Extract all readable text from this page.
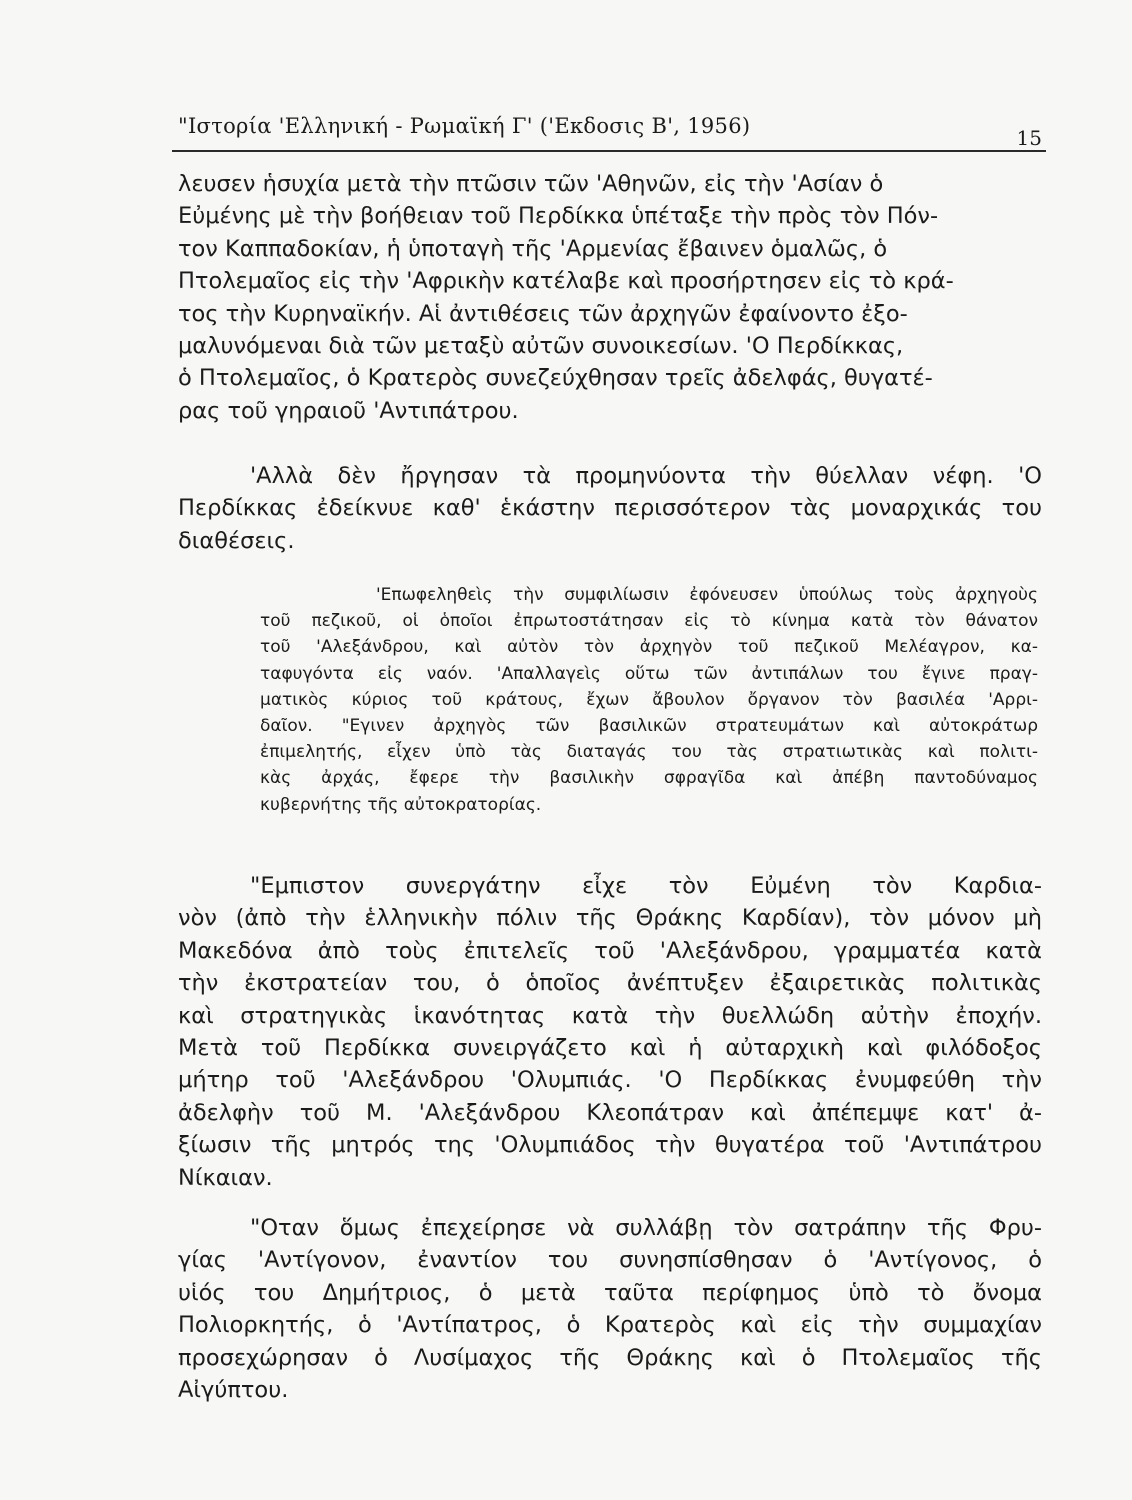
"Ιστορία 'Ελληνική - Ρωμαϊκή Γ' ('Εκδοσις Β', 1956)	15
λευσεν ἡσυχία μετὰ τὴν πτῶσιν τῶν 'Αθηνῶν, εἰς τὴν 'Ασίαν ὁ
Εὐμένης μὲ τὴν βοήθειαν τοῦ Περδίκκα ὑπέταξε τὴν πρὸς τὸν Πόν-
τον Καππαδοκίαν, ἡ ὑποταγὴ τῆς 'Αρμενίας ἔβαινεν ὁμαλῶς, ὁ
Πτολεμαῖος εἰς τὴν 'Αφρικὴν κατέλαβε καὶ προσήρτησεν εἰς τὸ κρά-
τος τὴν Κυρηναϊκήν. Αἱ ἀντιθέσεις τῶν ἀρχηγῶν ἐφαίνοντο ἐξο-
μαλυνόμεναι διὰ τῶν μεταξὺ αὐτῶν συνοικεσίων. 'Ο Περδίκκας,
ὁ Πτολεμαῖος, ὁ Κρατερὸς συνεζεύχθησαν τρεῖς ἀδελφάς, θυγατέ-
ρας τοῦ γηραιοῦ 'Αντιπάτρου.
'Αλλὰ δὲν ἤργησαν τὰ προμηνύοντα τὴν θύελλαν νέφη. 'Ο
Περδίκκας ἐδείκνυε καθ' ἑκάστην περισσότερον τὰς μοναρχικάς του
διαθέσεις.
'Επωφεληθεὶς τὴν συμφιλίωσιν ἐφόνευσεν ὑπούλως τοὺς ἀρχηγοὺς
τοῦ πεζικοῦ, οἱ ὁποῖοι ἐπρωτοστάτησαν εἰς τὸ κίνημα κατὰ τὸν θάνατον
τοῦ 'Αλεξάνδρου, καὶ αὐτὸν τὸν ἀρχηγὸν τοῦ πεζικοῦ Μελέαγρον, κα-
ταφυγόντα εἰς ναόν. 'Απαλλαγεὶς οὕτω τῶν ἀντιπάλων του ἔγινε πραγ-
ματικὸς κύριος τοῦ κράτους, ἔχων ἄβουλον ὄργανον τὸν βασιλέα 'Αρρι-
δαῖον. "Εγινεν ἀρχηγὸς τῶν βασιλικῶν στρατευμάτων καὶ αὐτοκράτωρ
ἐπιμελητής, εἶχεν ὑπὸ τὰς διαταγάς του τὰς στρατιωτικὰς καὶ πολιτι-
κὰς ἀρχάς, ἔφερε τὴν βασιλικὴν σφραγῖδα καὶ ἀπέβη παντοδύναμος
κυβερνήτης τῆς αὐτοκρατορίας.
"Εμπιστον συνεργάτην εἶχε τὸν Εὐμένη τὸν Καρδια-
νὸν (ἀπὸ τὴν ἑλληνικὴν πόλιν τῆς Θράκης Καρδίαν), τὸν μόνον μὴ
Μακεδόνα ἀπὸ τοὺς ἐπιτελεῖς τοῦ 'Αλεξάνδρου, γραμματέα κατὰ
τὴν ἐκστρατείαν του, ὁ ὁποῖος ἀνέπτυξεν ἐξαιρετικὰς πολιτικὰς
καὶ στρατηγικὰς ἱκανότητας κατὰ τὴν θυελλώδη αὐτὴν ἐποχήν.
Μετὰ τοῦ Περδίκκα συνειργάζετο καὶ ἡ αὐταρχικὴ καὶ φιλόδοξος
μήτηρ τοῦ 'Αλεξάνδρου 'Ολυμπιάς. 'Ο Περδίκκας ἐνυμφεύθη τὴν
ἀδελφὴν τοῦ Μ. 'Αλεξάνδρου Κλεοπάτραν καὶ ἀπέπεμψε κατ' ἀ-
ξίωσιν τῆς μητρός της 'Ολυμπιάδος τὴν θυγατέρα τοῦ 'Αντιπάτρου
Νίκαιαν.
"Οταν ὅμως ἐπεχείρησε νὰ συλλάβῃ τὸν σατράπην τῆς Φρυ-
γίας 'Αντίγονον, ἐναντίον του συνησπίσθησαν ὁ 'Αντίγονος, ὁ
υἱός του Δημήτριος, ὁ μετὰ ταῦτα περίφημος ὑπὸ τὸ ὄνομα
Πολιορκητής, ὁ 'Αντίπατρος, ὁ Κρατερὸς καὶ εἰς τὴν συμμαχίαν
προσεχώρησαν ὁ Λυσίμαχος τῆς Θράκης καὶ ὁ Πτολεμαῖος τῆς
Αἰγύπτου.
